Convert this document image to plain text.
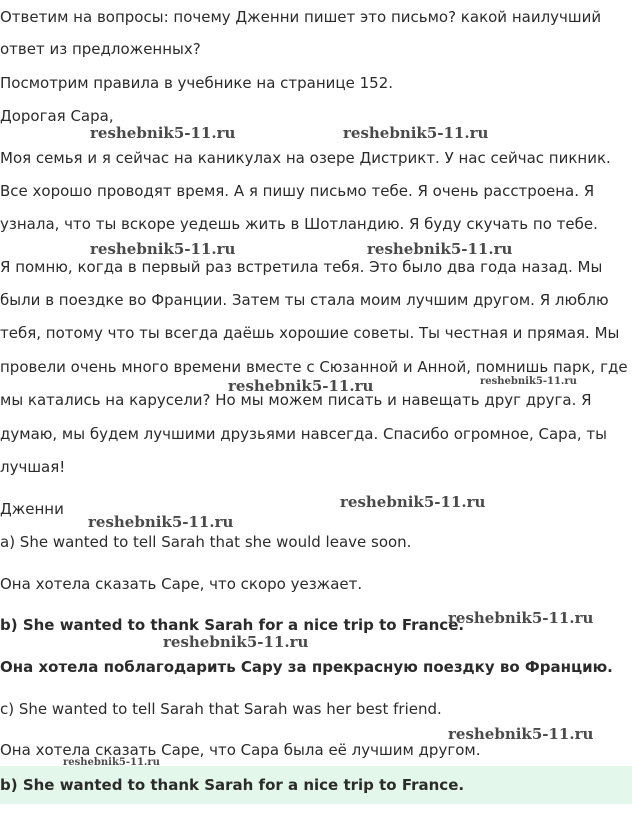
Ответим на вопросы: почему Дженни пишет это письмо? какой наилучший
ответ из предложенных?
Посмотрим правила в учебнике на странице 152.
Дорогая Сара,
Моя семья и я сейчас на каникулах на озере Дистрикт. У нас сейчас пикник.
Все хорошо проводят время. А я пишу письмо тебе. Я очень расстроена. Я
узнала, что ты вскоре уедешь жить в Шотландию. Я буду скучать по тебе.
Я помню, когда в первый раз встретила тебя. Это было два года назад. Мы
были в поездке во Франции. Затем ты стала моим лучшим другом. Я люблю
тебя, потому что ты всегда даёшь хорошие советы. Ты честная и прямая. Мы
провели очень много времени вместе с Сюзанной и Анной, помнишь парк, где
мы катались на карусели? Но мы можем писать и навещать друг друга. Я
думаю, мы будем лучшими друзьями навсегда. Спасибо огромное, Сара, ты
лучшая!
Дженни
a) She wanted to tell Sarah that she would leave soon.
Она хотела сказать Саре, что скоро уезжает.
b) She wanted to thank Sarah for a nice trip to France.
Она хотела поблагодарить Сару за прекрасную поездку во Францию.
c) She wanted to tell Sarah that Sarah was her best friend.
Она хотела сказать Саре, что Сара была её лучшим другом.
b) She wanted to thank Sarah for a nice trip to France.
reshebnik5-11.ru	reshebnik5-11.ru
reshebnik5-11.ru	reshebnik5-11.ru
reshebnik5-11.ru	reshebnik5-11.ru
reshebnik5-11.ru
reshebnik5-11.ru
reshebnik5-11.ru
reshebnik5-11.ru
reshebnik5-11.ru
reshebnik5-11.ru
